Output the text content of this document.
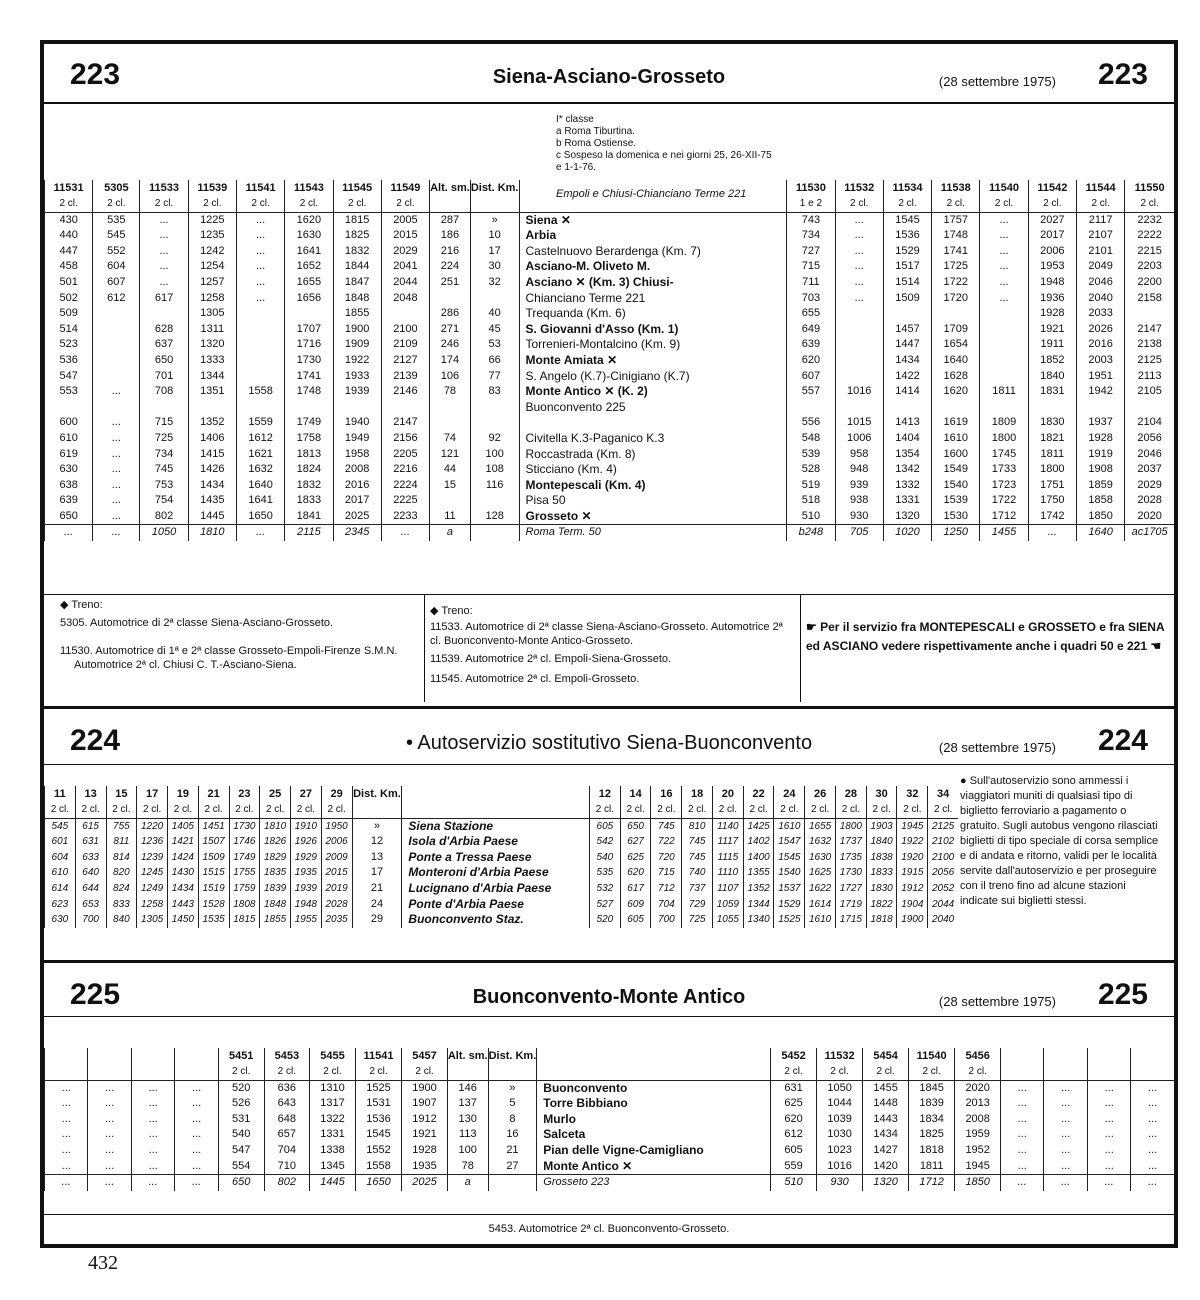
223	Siena-Asciano-Grosseto	(28 settembre 1975) 223
I* classe
a Roma Tiburtina.
b Roma Ostiense.
c Sospeso la domenica e nei giorni 25, 26-XII-75 e 1-1-76.
Empoli e Chiusi-Chianciano Terme 221
11531	5305	11533	11539	11541	11543	11545	11549	Alt. sm.	Dist. Km.		11530	11532	11534	11538	11540	11542	11544	11550
2 cl.	2 cl.	2 cl.	2 cl.	2 cl.	2 cl.	2 cl.	2 cl.				1 e 2	2 cl.	2 cl.	2 cl.	2 cl.	2 cl.	2 cl.	2 cl.
430	535	...	1225	...	1620	1815	2005	287	»	Siena ✕	743	...	1545	1757	...	2027	2117	2232
440	545	...	1235	...	1630	1825	2015	186	10	Arbia	734	...	1536	1748	...	2017	2107	2222
447	552	...	1242	...	1641	1832	2029	216	17	Castelnuovo Berardenga (Km. 7)	727	...	1529	1741	...	2006	2101	2215
458	604	...	1254	...	1652	1844	2041	224	30	Asciano-M. Oliveto M.	715	...	1517	1725	...	1953	2049	2203
501	607	...	1257	...	1655	1847	2044	251	32	Asciano ✕ (Km. 3) Chiusi-	711	...	1514	1722	...	1948	2046	2200
502	612	617	1258	...	1656	1848	2048			Chianciano Terme 221	703	...	1509	1720	...	1936	2040	2158
509			1305			1855		286	40	Trequanda (Km. 6)	655					1928	2033	
514		628	1311		1707	1900	2100	271	45	S. Giovanni d'Asso (Km. 1)	649		1457	1709		1921	2026	2147
523		637	1320		1716	1909	2109	246	53	Torrenieri-Montalcino (Km. 9)	639		1447	1654		1911	2016	2138
536		650	1333		1730	1922	2127	174	66	Monte Amiata ✕	620		1434	1640		1852	2003	2125
547		701	1344		1741	1933	2139	106	77	S. Angelo (K.7)-Cinigiano (K.7)	607		1422	1628		1840	1951	2113
553	...	708	1351	1558	1748	1939	2146	78	83	Monte Antico ✕ (K. 2)	557	1016	1414	1620	1811	1831	1942	2105
										Buonconvento 225								
600	...	715	1352	1559	1749	1940	2147				556	1015	1413	1619	1809	1830	1937	2104
610	...	725	1406	1612	1758	1949	2156	74	92	Civitella K.3-Paganico K.3	548	1006	1404	1610	1800	1821	1928	2056
619	...	734	1415	1621	1813	1958	2205	121	100	Roccastrada (Km. 8)	539	958	1354	1600	1745	1811	1919	2046
630	...	745	1426	1632	1824	2008	2216	44	108	Sticciano (Km. 4)	528	948	1342	1549	1733	1800	1908	2037
638	...	753	1434	1640	1832	2016	2224	15	116	Montepescali (Km. 4)	519	939	1332	1540	1723	1751	1859	2029
639	...	754	1435	1641	1833	2017	2225			Pisa 50	518	938	1331	1539	1722	1750	1858	2028
650	...	802	1445	1650	1841	2025	2233	11	128	Grosseto ✕	510	930	1320	1530	1712	1742	1850	2020
...	...	1050	1810	...	2115	2345	...	a		Roma Term. 50	b248	705	1020	1250	1455	...	1640	ac1705
◆ Treno:
5305. Automotrice di 2ª classe Siena-Asciano-Grosseto.
11530. Automotrice di 1ª e 2ª classe Grosseto-Empoli-Firenze S.M.N.
Automotrice 2ª cl. Chiusi C. T.-Asciano-Siena.
◆ Treno:
11533. Automotrice di 2ª classe Siena-Asciano-Grosseto. Automotrice 2ª cl. Buonconvento-Monte Antico-Grosseto.
11539. Automotrice 2ª cl. Empoli-Siena-Grosseto.
11545. Automotrice 2ª cl. Empoli-Grosseto.
☛ Per il servizio fra MONTEPESCALI e GROSSETO e fra SIENA ed ASCIANO vedere rispettivamente anche i quadri 50 e 221 ☚
224	• Autoservizio sostitutivo Siena-Buonconvento	(28 settembre 1975) 224
11	13	15	17	19	21	23	25	27	29	Dist. Km.		12	14	16	18	20	22	24	26	28	30	32	34
2 cl.	2 cl.	2 cl.	2 cl.	2 cl.	2 cl.	2 cl.	2 cl.	2 cl.	2 cl.			2 cl.	2 cl.	2 cl.	2 cl.	2 cl.	2 cl.	2 cl.	2 cl.	2 cl.	2 cl.	2 cl.	2 cl.
545	615	755	1220	1405	1451	1730	1810	1910	1950	»	Siena Stazione	605	650	745	810	1140	1425	1610	1655	1800	1903	1945	2125
601	631	811	1236	1421	1507	1746	1826	1926	2006	12	Isola d'Arbia Paese	542	627	722	745	1117	1402	1547	1632	1737	1840	1922	2102
604	633	814	1239	1424	1509	1749	1829	1929	2009	13	Ponte a Tressa Paese	540	625	720	745	1115	1400	1545	1630	1735	1838	1920	2100
610	640	820	1245	1430	1515	1755	1835	1935	2015	17	Monteroni d'Arbia Paese	535	620	715	740	1110	1355	1540	1625	1730	1833	1915	2056
614	644	824	1249	1434	1519	1759	1839	1939	2019	21	Lucignano d'Arbia Paese	532	617	712	737	1107	1352	1537	1622	1727	1830	1912	2052
623	653	833	1258	1443	1528	1808	1848	1948	2028	24	Ponte d'Arbia Paese	527	609	704	729	1059	1344	1529	1614	1719	1822	1904	2044
630	700	840	1305	1450	1535	1815	1855	1955	2035	29	Buonconvento Staz.	520	605	700	725	1055	1340	1525	1610	1715	1818	1900	2040
● Sull'autoservizio sono ammessi i viaggiatori muniti di qualsiasi tipo di biglietto ferroviario a pagamento o gratuito. Sugli autobus vengono rilasciati biglietti di tipo speciale di corsa semplice e di andata e ritorno, validi per le località servite dall'autoservizio e per proseguire con il treno fino ad alcune stazioni indicate sui biglietti stessi.
225	Buonconvento-Monte Antico	(28 settembre 1975) 225
				5451	5453	5455	11541	5457	Alt. sm.	Dist. Km.		5452	11532	5454	11540	5456				
				2 cl.	2 cl.	2 cl.	2 cl.	2 cl.				2 cl.	2 cl.	2 cl.	2 cl.	2 cl.				
...	...	...	...	520	636	1310	1525	1900	146	»	Buonconvento	631	1050	1455	1845	2020	...	...	...	...
...	...	...	...	526	643	1317	1531	1907	137	5	Torre Bibbiano	625	1044	1448	1839	2013	...	...	...	...
...	...	...	...	531	648	1322	1536	1912	130	8	Murlo	620	1039	1443	1834	2008	...	...	...	...
...	...	...	...	540	657	1331	1545	1921	113	16	Salceta	612	1030	1434	1825	1959	...	...	...	...
...	...	...	...	547	704	1338	1552	1928	100	21	Pian delle Vigne-Camigliano	605	1023	1427	1818	1952	...	...	...	...
...	...	...	...	554	710	1345	1558	1935	78	27	Monte Antico ✕	559	1016	1420	1811	1945	...	...	...	...
...	...	...	...	650	802	1445	1650	2025	a		Grosseto 223	510	930	1320	1712	1850	...	...	...	...
5453. Automotrice 2ª cl. Buonconvento-Grosseto.
432
